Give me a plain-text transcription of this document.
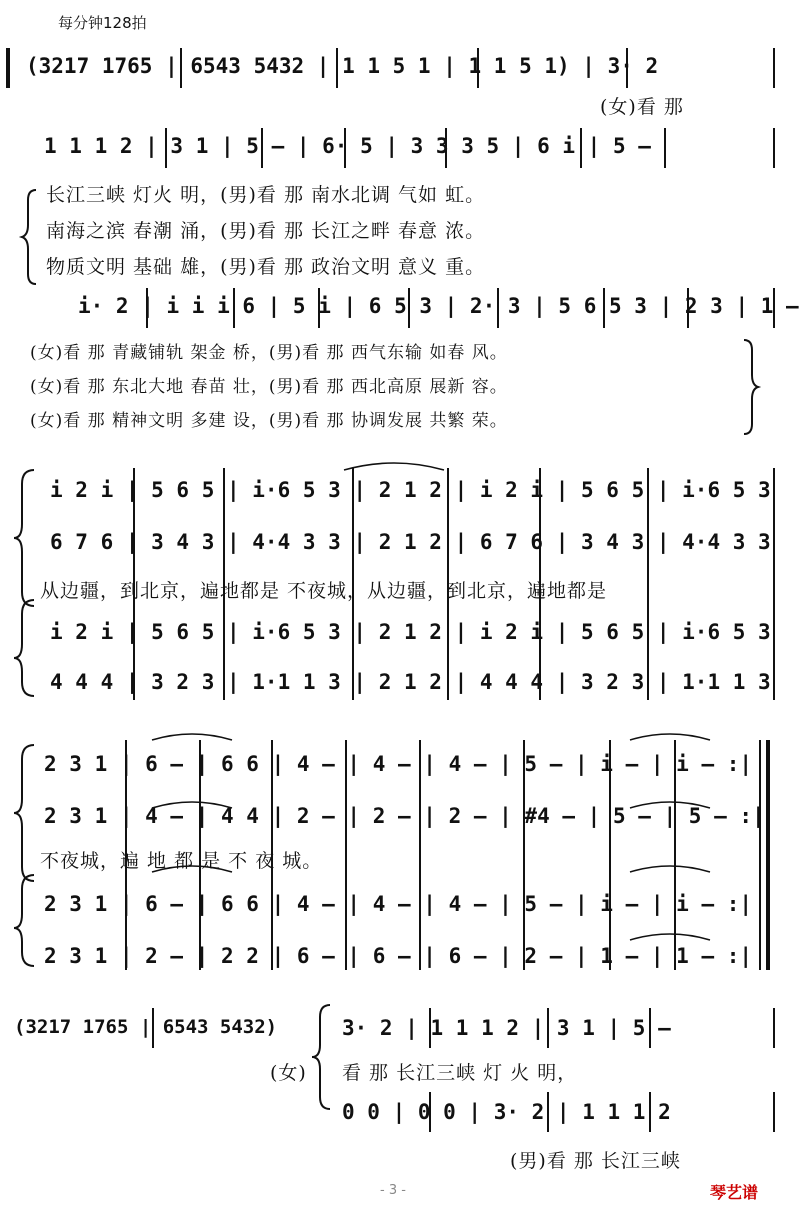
每分钟128拍
(3217 1765 | 6543 5432 | 1 1 5 1 | 1 1 5 1) | 3· 2
(女)看 那
1 1 1 2 | 3 1 | 5 – | 6· 5 | 3 3 3 5 | 6 i | 5 –
长江三峡 灯火 明，(男)看 那 南水北调 气如 虹。
南海之滨 春潮 涌，(男)看 那 长江之畔 春意 浓。
物质文明 基础 雄，(男)看 那 政治文明 意义 重。
i· 2 | i i i 6 | 5 i | 6 5 3 | 2· 3 | 5 6 5 3 | 2 3 | 1 –
(女)看 那 青藏铺轨 架金 桥，(男)看 那 西气东输 如春 风。
(女)看 那 东北大地 春苗 壮，(男)看 那 西北高原 展新 容。
(女)看 那 精神文明 多建 设，(男)看 那 协调发展 共繁 荣。
i 2 i | 5 6 5 | i·6 5 3 | 2 1 2 | i 2 i | 5 6 5 | i·6 5 3
6 7 6 | 3 4 3 | 4·4 3 3 | 2 1 2 | 6 7 6 | 3 4 3 | 4·4 3 3
从边疆，到北京，遍地都是 不夜城，从边疆，到北京，遍地都是
i 2 i | 5 6 5 | i·6 5 3 | 2 1 2 | i 2 i | 5 6 5 | i·6 5 3
4 4 4 | 3 2 3 | 1·1 1 3 | 2 1 2 | 4 4 4 | 3 2 3 | 1·1 1 3
2 3 1 | 6 – | 6 6 | 4 – | 4 – | 4 – | 5 – | i – | i – :|
2 3 1 | 4 – | 4 4 | 2 – | 2 – | 2 – | #4 – | 5 – | 5 – :|
不夜城，遍 地 都 是 不 夜 城。
2 3 1 | 6 – | 6 6 | 4 – | 4 – | 4 – | 5 – | i – | i – :|
2 3 1 | 2 – | 2 2 | 6 – | 6 – | 6 – | 2 – | 1 – | 1 – :|
(3217 1765 | 6543 5432)	3· 2 | 1 1 1 2 | 3 1 | 5 –
(女) 看 那 长江三峡 灯 火 明，
0 0 | 0 0 | 3· 2 | 1 1 1 2
(男)看 那 长江三峡
- 3 -	琴艺谱
